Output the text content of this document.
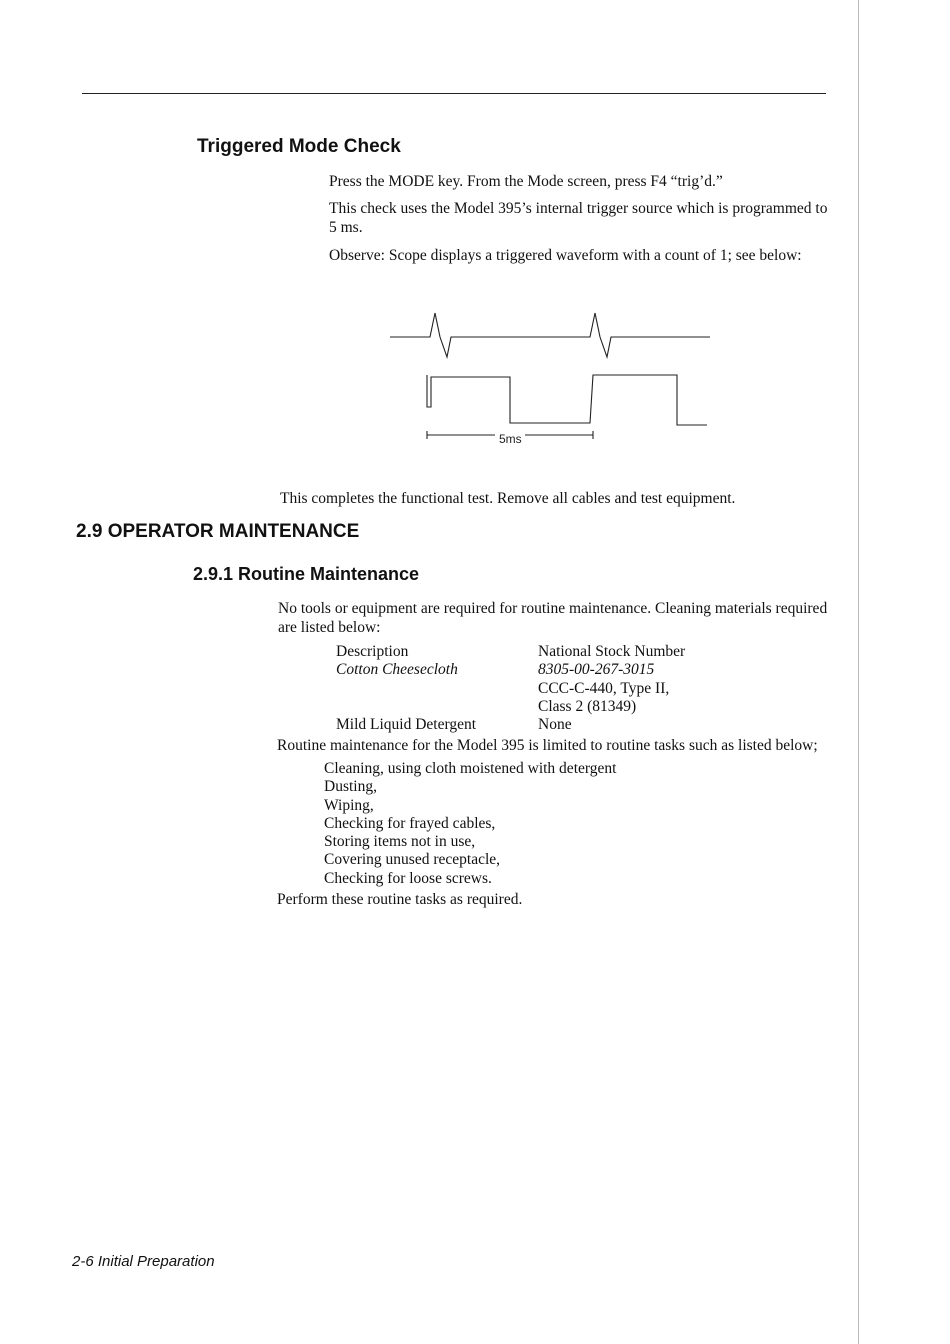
Triggered Mode Check
Press the MODE key. From the Mode screen, press F4 “trig’d.”
This check uses the Model 395’s internal trigger source which is programmed to 5 ms.
Observe: Scope displays a triggered waveform with a count of 1; see below:
5ms
This completes the functional test. Remove all cables and test equipment.
2.9 OPERATOR MAINTENANCE
2.9.1 Routine Maintenance
No tools or equipment are required for routine maintenance. Cleaning materials required are listed below:
Description	National Stock Number
Cotton Cheesecloth	8305-00-267-3015
CCC-C-440, Type II,
Class 2 (81349)
Mild Liquid Detergent	None
Routine maintenance for the Model 395 is limited to routine tasks such as listed below;
Cleaning, using cloth moistened with detergent
Dusting,
Wiping,
Checking for frayed cables,
Storing items not in use,
Covering unused receptacle,
Checking for loose screws.
Perform these routine tasks as required.
2-6 Initial Preparation
